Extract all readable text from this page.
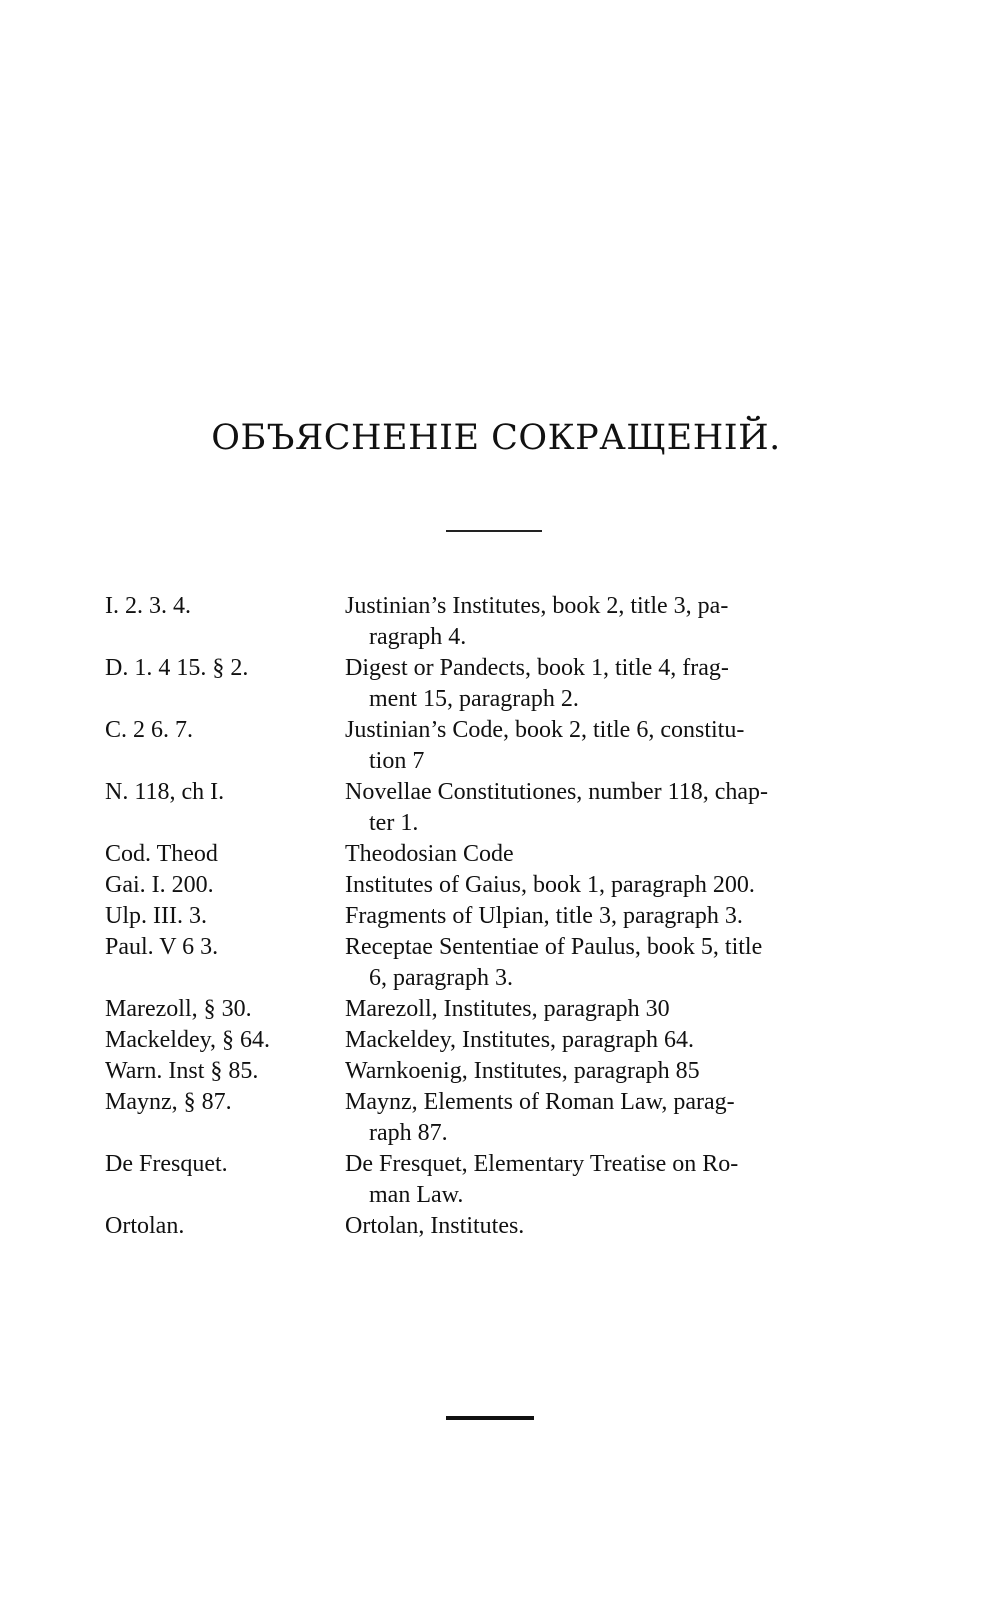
ОБЪЯСНЕНІЕ СОКРАЩЕНІЙ.
I. 2. 3. 4.	Justinian’s Institutes, book 2, title 3, pa-
ragraph 4.
D. 1. 4 15. § 2.	Digest or Pandects, book 1, title 4, frag-
ment 15, paragraph 2.
C. 2 6. 7.	Justinian’s Code, book 2, title 6, constitu-
tion 7
N. 118, ch I.	Novellae Constitutiones, number 118, chap-
ter 1.
Cod. Theod	Theodosian Code
Gai. I. 200.	Institutes of Gaius, book 1, paragraph 200.
Ulp. III. 3.	Fragments of Ulpian, title 3, paragraph 3.
Paul. V 6 3.	Receptae Sententiae of Paulus, book 5, title
6, paragraph 3.
Marezoll, § 30.	Marezoll, Institutes, paragraph 30
Mackeldey, § 64.	Mackeldey, Institutes, paragraph 64.
Warn. Inst § 85.	Warnkoenig, Institutes, paragraph 85
Maynz, § 87.	Maynz, Elements of Roman Law, parag-
raph 87.
De Fresquet.	De Fresquet, Elementary Treatise on Ro-
man Law.
Ortolan.	Ortolan, Institutes.
